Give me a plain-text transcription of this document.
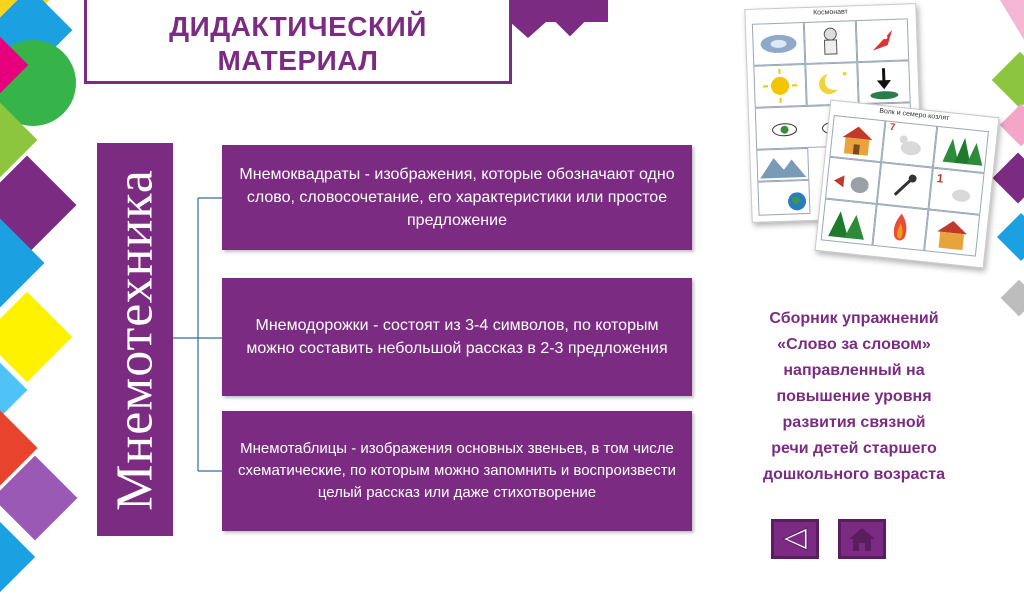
ДИДАКТИЧЕСКИЙ
МАТЕРИАЛ
Мнемотехника	Мнемоквадраты - изображения, которые обозначают одно слово, словосочетание, его характеристики или простое предложение
Мнемодорожки - состоят из 3-4 символов, по которым можно составить небольшой рассказ в 2-3 предложения
Мнемотаблицы - изображения основных звеньев, в том числе схематические, по которым можно запомнить и воспроизвести целый рассказ или даже стихотворение
Космонавт
Волк и семеро козлят
7
1
Сборник упражнений
«Слово за словом»
направленный на
повышение уровня
развития связной
речи детей старшего
дошкольного возраста
